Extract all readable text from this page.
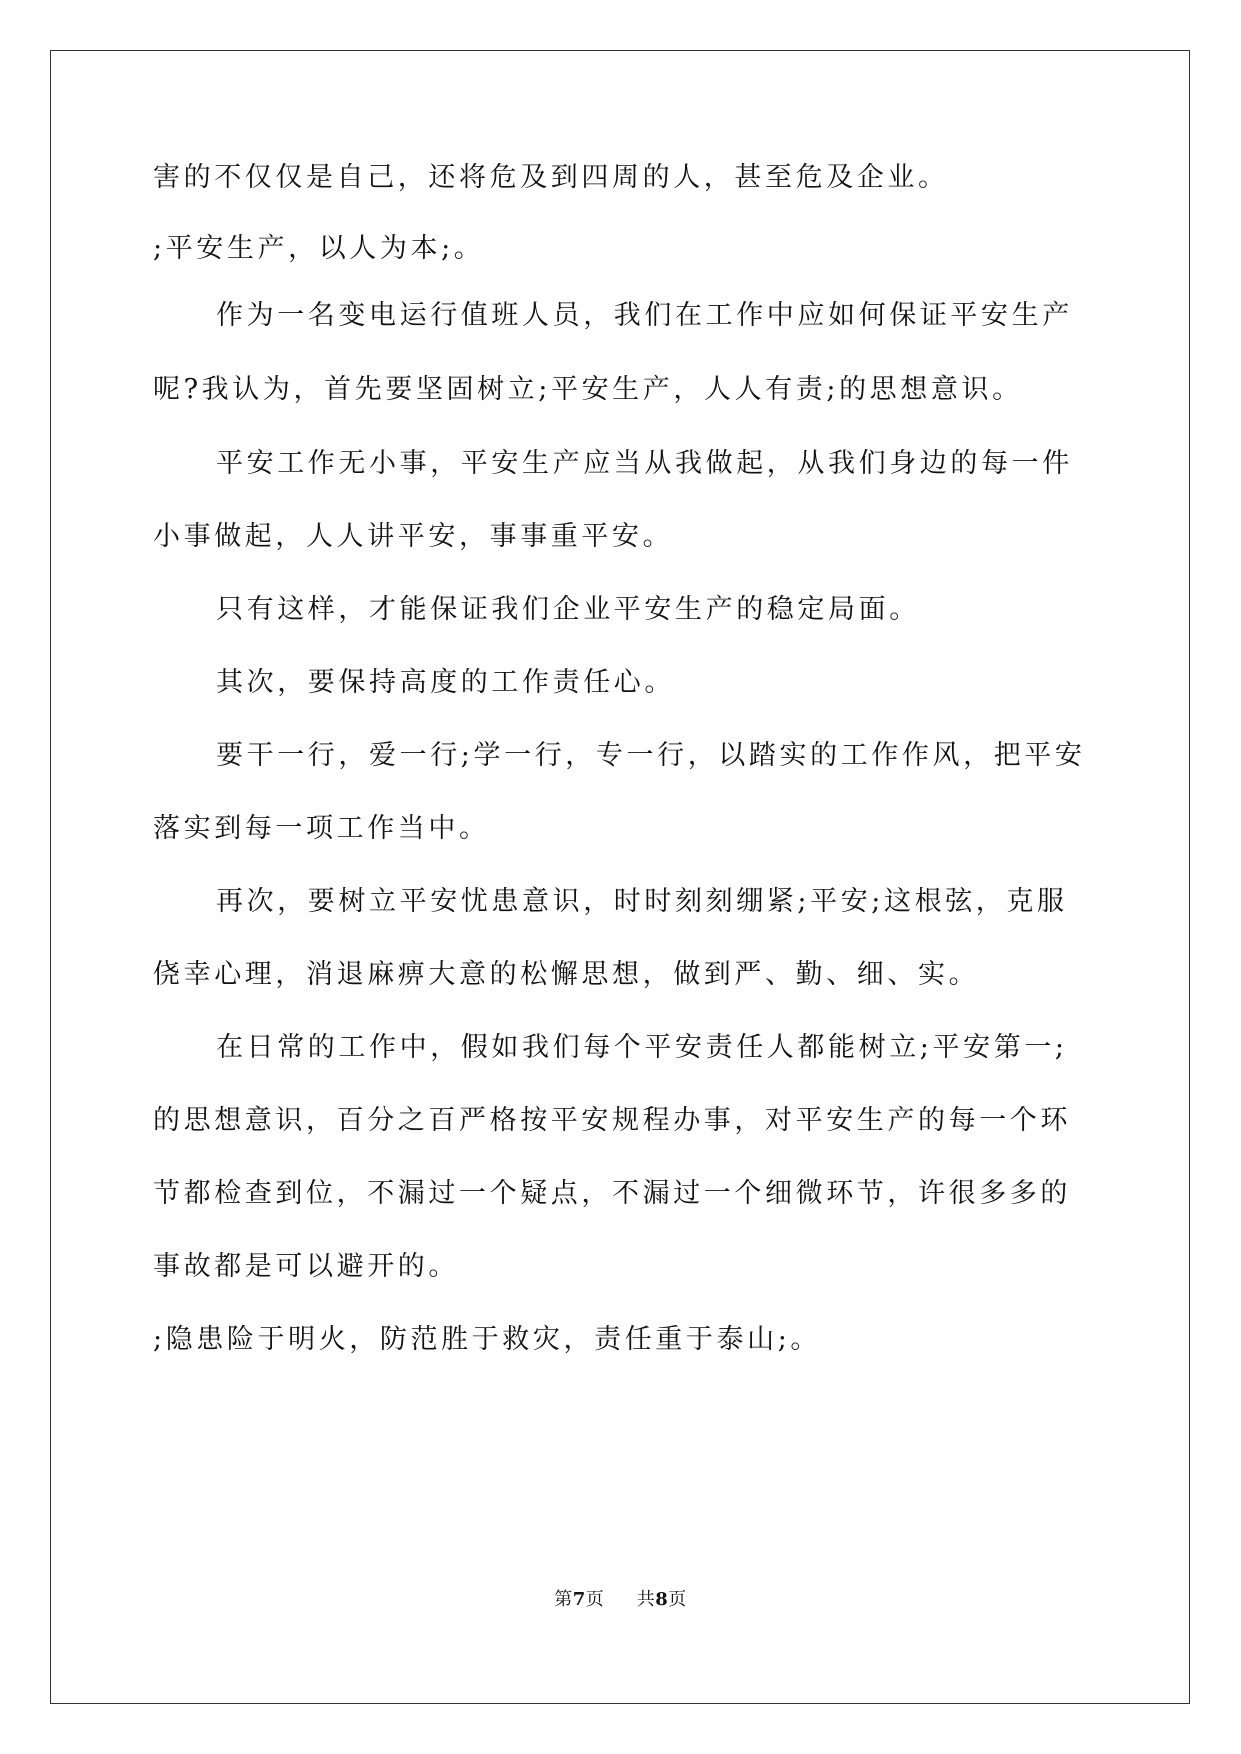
害的不仅仅是自己，还将危及到四周的人，甚至危及企业。
;平安生产，以人为本;。
作为一名变电运行值班人员，我们在工作中应如何保证平安生产
呢?我认为，首先要坚固树立;平安生产，人人有责;的思想意识。
平安工作无小事，平安生产应当从我做起，从我们身边的每一件
小事做起，人人讲平安，事事重平安。
只有这样，才能保证我们企业平安生产的稳定局面。
其次，要保持高度的工作责任心。
要干一行，爱一行;学一行，专一行，以踏实的工作作风，把平安
落实到每一项工作当中。
再次，要树立平安忧患意识，时时刻刻绷紧;平安;这根弦，克服
侥幸心理，消退麻痹大意的松懈思想，做到严、勤、细、实。
在日常的工作中，假如我们每个平安责任人都能树立;平安第一;
的思想意识，百分之百严格按平安规程办事，对平安生产的每一个环
节都检查到位，不漏过一个疑点，不漏过一个细微环节，许很多多的
事故都是可以避开的。
;隐患险于明火，防范胜于救灾，责任重于泰山;。
第7页 共8页
